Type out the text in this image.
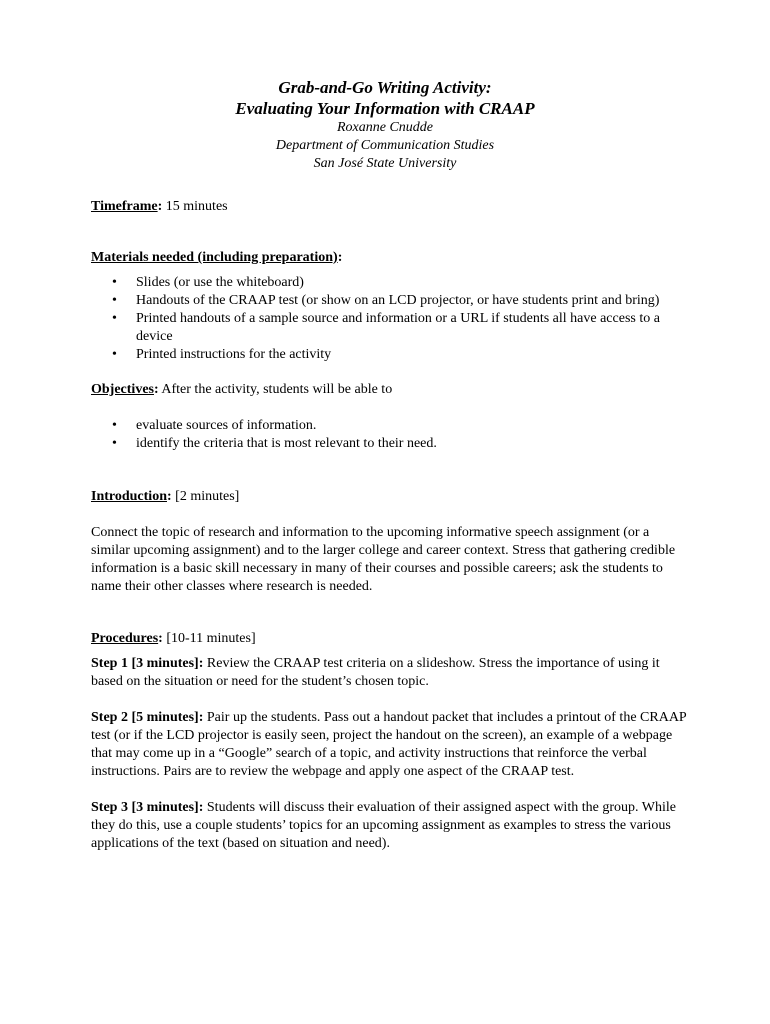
Grab-and-Go Writing Activity:
Evaluating Your Information with CRAAP
Roxanne Cnudde
Department of Communication Studies
San José State University

Timeframe: 15 minutes

Materials needed (including preparation):

• Slides (or use the whiteboard)
• Handouts of the CRAAP test (or show on an LCD projector, or have students print and bring)
• Printed handouts of a sample source and information or a URL if students all have access to a device
• Printed instructions for the activity

Objectives: After the activity, students will be able to

• evaluate sources of information.
• identify the criteria that is most relevant to their need.

Introduction: [2 minutes]

Connect the topic of research and information to the upcoming informative speech assignment (or a similar upcoming assignment) and to the larger college and career context. Stress that gathering credible information is a basic skill necessary in many of their courses and possible careers; ask the students to name their other classes where research is needed.

Procedures: [10-11 minutes]

Step 1 [3 minutes]: Review the CRAAP test criteria on a slideshow. Stress the importance of using it based on the situation or need for the student’s chosen topic.

Step 2 [5 minutes]: Pair up the students. Pass out a handout packet that includes a printout of the CRAAP test (or if the LCD projector is easily seen, project the handout on the screen), an example of a webpage that may come up in a “Google” search of a topic, and activity instructions that reinforce the verbal instructions. Pairs are to review the webpage and apply one aspect of the CRAAP test.

Step 3 [3 minutes]: Students will discuss their evaluation of their assigned aspect with the group. While they do this, use a couple students’ topics for an upcoming assignment as examples to stress the various applications of the text (based on situation and need).
